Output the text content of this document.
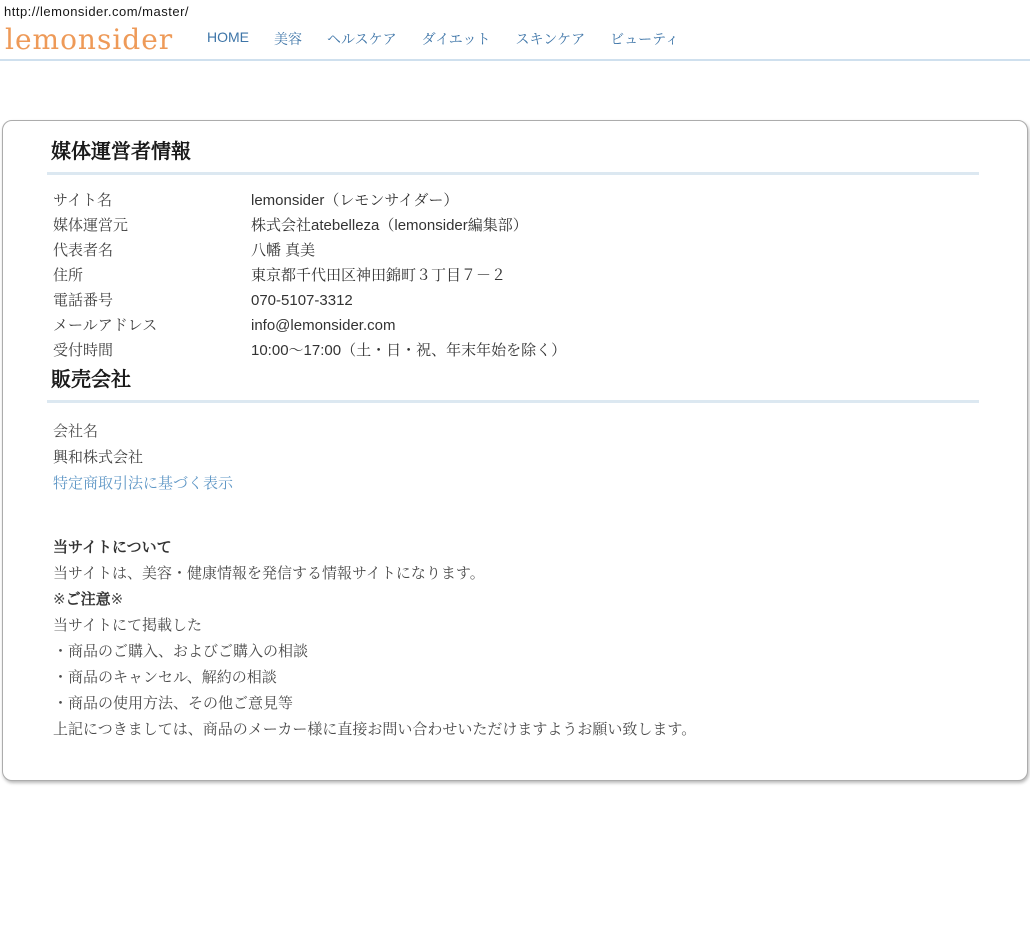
http://lemonsider.com/master/
lemonsider HOME 美容 ヘルスケア ダイエット スキンケア ビューティ
媒体運営者情報
サイト名	lemonsider（レモンサイダー）
媒体運営元	株式会社atebelleza（lemonsider編集部）
代表者名	八幡 真美
住所	東京都千代田区神田錦町３丁目７－２
電話番号	070-5107-3312
メールアドレス	info@lemonsider.com
受付時間	10:00～17:00（土・日・祝、年末年始を除く）
販売会社

会社名

興和株式会社

特定商取引法に基づく表示

当サイトについて

当サイトは、美容・健康情報を発信する情報サイトになります。

※ご注意※

当サイトにて掲載した

・商品のご購入、およびご購入の相談

・商品のキャンセル、解約の相談

・商品の使用方法、その他ご意見等

上記につきましては、商品のメーカー様に直接お問い合わせいただけますようお願い致します。
